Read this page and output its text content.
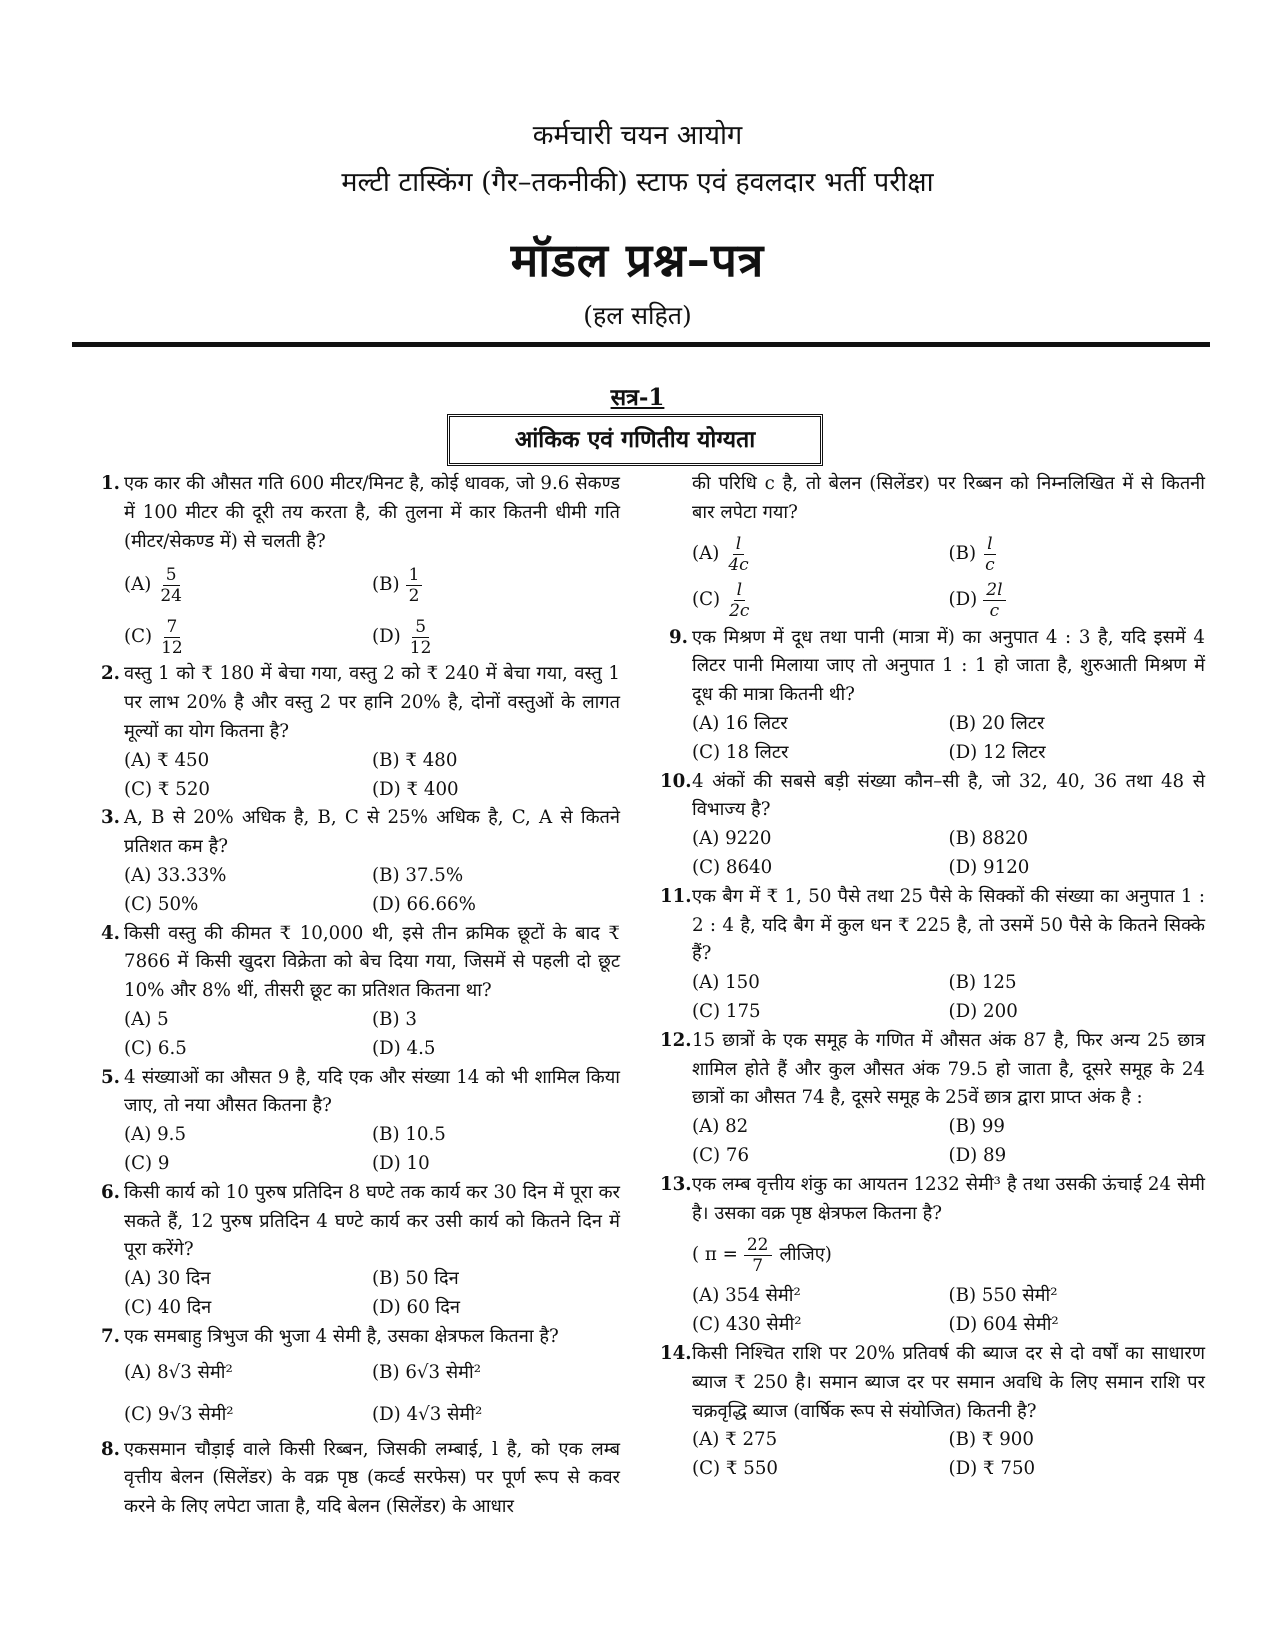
कर्मचारी चयन आयोग
मल्टी टास्किंग (गैर–तकनीकी) स्टाफ एवं हवलदार भर्ती परीक्षा
मॉडल प्रश्न–पत्र
(हल सहित)
सत्र-1
आंकिक एवं गणितीय योग्यता
1. एक कार की औसत गति 600 मीटर/मिनट है, कोई धावक, जो 9.6 सेकण्ड में 100 मीटर की दूरी तय करता है, की तुलना में कार कितनी धीमी गति (मीटर/सेकण्ड में) से चलती है?
$(A) \frac{5}{24}$	$(B) \frac{1}{2}$
$(C) \frac{7}{12}$	$(D) \frac{5}{12}$
2. वस्तु 1 को ₹ 180 में बेचा गया, वस्तु 2 को ₹ 240 में बेचा गया, वस्तु 1 पर लाभ 20% है और वस्तु 2 पर हानि 20% है, दोनों वस्तुओं के लागत मूल्यों का योग कितना है?
(A) ₹ 450	(B) ₹ 480
(C) ₹ 520	(D) ₹ 400
3. A, B से 20% अधिक है, B, C से 25% अधिक है, C, A से कितने प्रतिशत कम है?
(A) 33.33%	(B) 37.5%
(C) 50%	(D) 66.66%
4. किसी वस्तु की कीमत ₹ 10,000 थी, इसे तीन क्रमिक छूटों के बाद ₹ 7866 में किसी खुदरा विक्रेता को बेच दिया गया, जिसमें से पहली दो छूट 10% और 8% थीं, तीसरी छूट का प्रतिशत कितना था?
(A) 5	(B) 3
(C) 6.5	(D) 4.5
5. 4 संख्याओं का औसत 9 है, यदि एक और संख्या 14 को भी शामिल किया जाए, तो नया औसत कितना है?
(A) 9.5	(B) 10.5
(C) 9	(D) 10
6. किसी कार्य को 10 पुरुष प्रतिदिन 8 घण्टे तक कार्य कर 30 दिन में पूरा कर सकते हैं, 12 पुरुष प्रतिदिन 4 घण्टे कार्य कर उसी कार्य को कितने दिन में पूरा करेंगे?
(A) 30 दिन	(B) 50 दिन
(C) 40 दिन	(D) 60 दिन
7. एक समबाहु त्रिभुज की भुजा 4 सेमी है, उसका क्षेत्रफल कितना है?
(A) 8√3 सेमी²	(B) 6√3 सेमी²
(C) 9√3 सेमी²	(D) 4√3 सेमी²
8. एकसमान चौड़ाई वाले किसी रिब्बन, जिसकी लम्बाई, l है, को एक लम्ब वृत्तीय बेलन (सिलेंडर) के वक्र पृष्ठ (कर्व्ड सरफेस) पर पूर्ण रूप से कवर करने के लिए लपेटा जाता है, यदि बेलन (सिलेंडर) के आधार
की परिधि c है, तो बेलन (सिलेंडर) पर रिब्बन को निम्नलिखित में से कितनी बार लपेटा गया?
$(A) \frac{l}{4c}$	$(B) \frac{l}{c}$
$(C) \frac{l}{2c}$	$(D) \frac{2l}{c}$
9. एक मिश्रण में दूध तथा पानी (मात्रा में) का अनुपात 4 : 3 है, यदि इसमें 4 लिटर पानी मिलाया जाए तो अनुपात 1 : 1 हो जाता है, शुरुआती मिश्रण में दूध की मात्रा कितनी थी?
(A) 16 लिटर	(B) 20 लिटर
(C) 18 लिटर	(D) 12 लिटर
10. 4 अंकों की सबसे बड़ी संख्या कौन–सी है, जो 32, 40, 36 तथा 48 से विभाज्य है?
(A) 9220	(B) 8820
(C) 8640	(D) 9120
11. एक बैग में ₹ 1, 50 पैसे तथा 25 पैसे के सिक्कों की संख्या का अनुपात 1 : 2 : 4 है, यदि बैग में कुल धन ₹ 225 है, तो उसमें 50 पैसे के कितने सिक्के हैं?
(A) 150	(B) 125
(C) 175	(D) 200
12. 15 छात्रों के एक समूह के गणित में औसत अंक 87 है, फिर अन्य 25 छात्र शामिल होते हैं और कुल औसत अंक 79.5 हो जाता है, दूसरे समूह के 24 छात्रों का औसत 74 है, दूसरे समूह के 25वें छात्र द्वारा प्राप्त अंक है :
(A) 82	(B) 99
(C) 76	(D) 89
13. एक लम्ब वृत्तीय शंकु का आयतन 1232 सेमी³ है तथा उसकी ऊंचाई 24 सेमी है। उसका वक्र पृष्ठ क्षेत्रफल कितना है?
( $\pi = \frac{22}{7}$ लीजिए)
(A) 354 सेमी²	(B) 550 सेमी²
(C) 430 सेमी²	(D) 604 सेमी²
14. किसी निश्चित राशि पर 20% प्रतिवर्ष की ब्याज दर से दो वर्षों का साधारण ब्याज ₹ 250 है। समान ब्याज दर पर समान अवधि के लिए समान राशि पर चक्रवृद्धि ब्याज (वार्षिक रूप से संयोजित) कितनी है?
(A) ₹ 275	(B) ₹ 900
(C) ₹ 550	(D) ₹ 750
